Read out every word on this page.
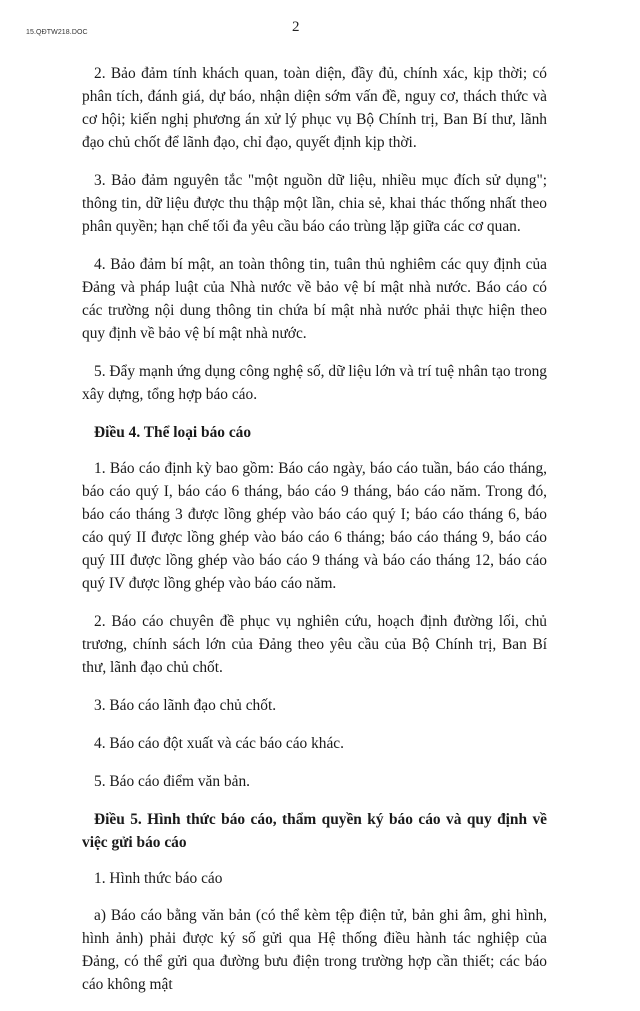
15.QĐTW218.DOC	2

2. Bảo đảm tính khách quan, toàn diện, đầy đủ, chính xác, kịp thời; có phân tích, đánh giá, dự báo, nhận diện sớm vấn đề, nguy cơ, thách thức và cơ hội; kiến nghị phương án xử lý phục vụ Bộ Chính trị, Ban Bí thư, lãnh đạo chủ chốt để lãnh đạo, chỉ đạo, quyết định kịp thời.

3. Bảo đảm nguyên tắc "một nguồn dữ liệu, nhiều mục đích sử dụng"; thông tin, dữ liệu được thu thập một lần, chia sẻ, khai thác thống nhất theo phân quyền; hạn chế tối đa yêu cầu báo cáo trùng lặp giữa các cơ quan.

4. Bảo đảm bí mật, an toàn thông tin, tuân thủ nghiêm các quy định của Đảng và pháp luật của Nhà nước về bảo vệ bí mật nhà nước. Báo cáo có các trường nội dung thông tin chứa bí mật nhà nước phải thực hiện theo quy định về bảo vệ bí mật nhà nước.

5. Đẩy mạnh ứng dụng công nghệ số, dữ liệu lớn và trí tuệ nhân tạo trong xây dựng, tổng hợp báo cáo.

Điều 4. Thể loại báo cáo

1. Báo cáo định kỳ bao gồm: Báo cáo ngày, báo cáo tuần, báo cáo tháng, báo cáo quý I, báo cáo 6 tháng, báo cáo 9 tháng, báo cáo năm. Trong đó, báo cáo tháng 3 được lồng ghép vào báo cáo quý I; báo cáo tháng 6, báo cáo quý II được lồng ghép vào báo cáo 6 tháng; báo cáo tháng 9, báo cáo quý III được lồng ghép vào báo cáo 9 tháng và báo cáo tháng 12, báo cáo quý IV được lồng ghép vào báo cáo năm.

2. Báo cáo chuyên đề phục vụ nghiên cứu, hoạch định đường lối, chủ trương, chính sách lớn của Đảng theo yêu cầu của Bộ Chính trị, Ban Bí thư, lãnh đạo chủ chốt.

3. Báo cáo lãnh đạo chủ chốt.

4. Báo cáo đột xuất và các báo cáo khác.

5. Báo cáo điểm văn bản.

Điều 5. Hình thức báo cáo, thẩm quyền ký báo cáo và quy định về việc gửi báo cáo

1. Hình thức báo cáo

a) Báo cáo bằng văn bản (có thể kèm tệp điện tử, bản ghi âm, ghi hình, hình ảnh) phải được ký số gửi qua Hệ thống điều hành tác nghiệp của Đảng, có thể gửi qua đường bưu điện trong trường hợp cần thiết; các báo cáo không mật
